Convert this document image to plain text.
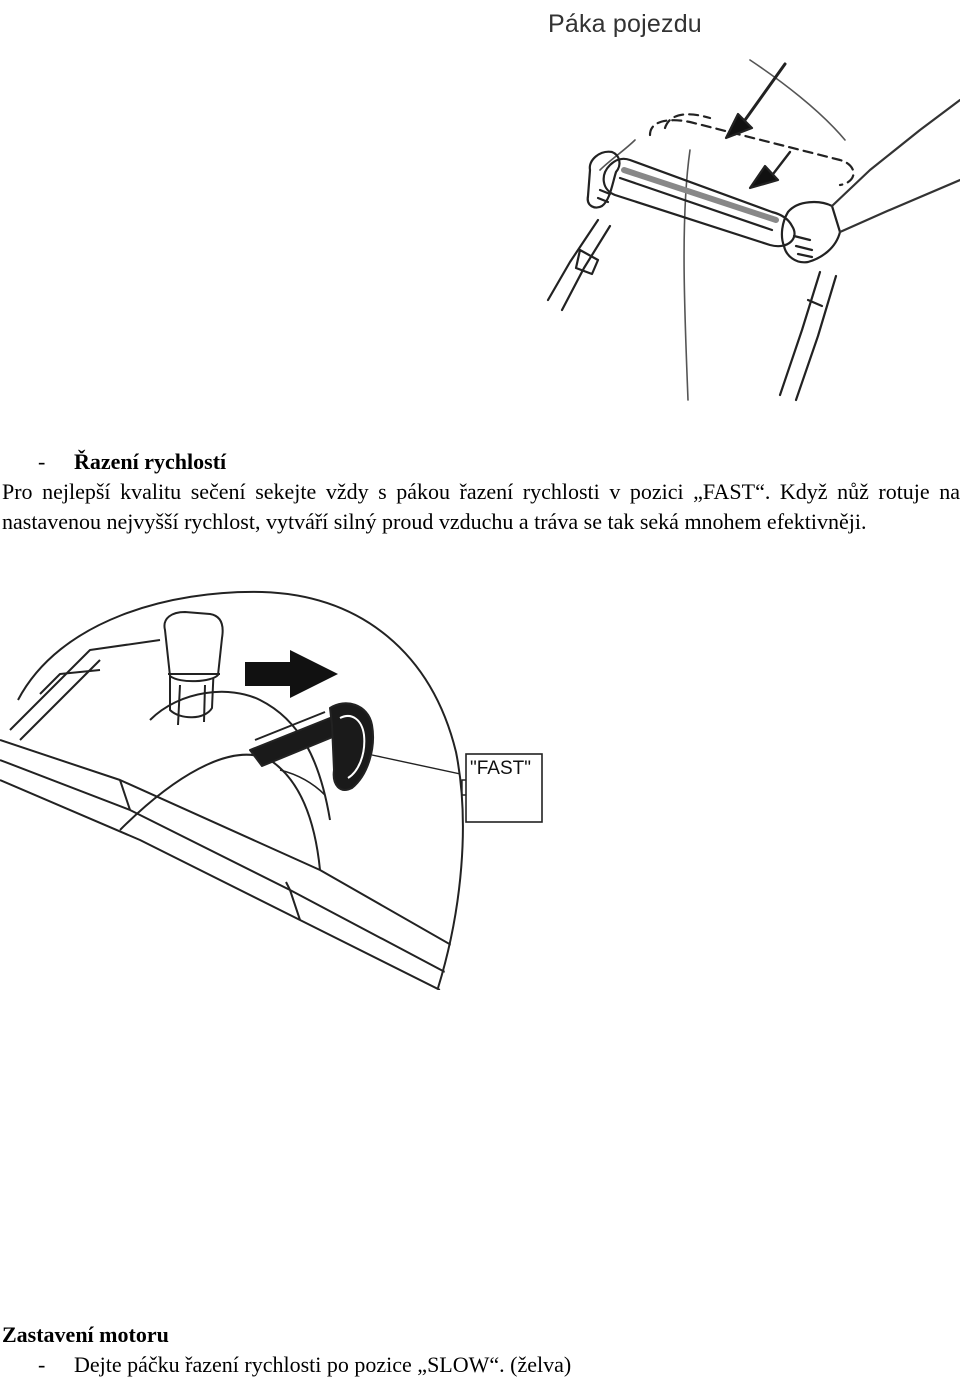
Páka pojezdu
- Řazení rychlostí
Pro nejlepší kvalitu sečení sekejte vždy s pákou řazení rychlosti v pozici „FAST“. Když nůž rotuje na nastavenou nejvyšší rychlost, vytváří silný proud vzduchu a tráva se tak seká mnohem efektivněji.
"FAST"
Zastavení motoru
- Dejte páčku řazení rychlosti po pozice „SLOW“. (želva)
